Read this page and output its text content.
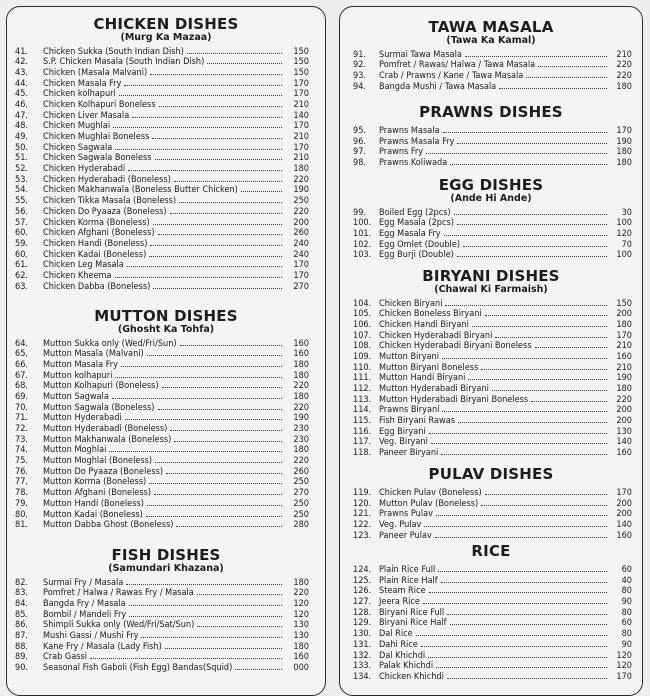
CHICKEN DISHES
(Murg Ka Mazaa)
41.	Chicken Sukka (South Indian Dish)	150
42.	S.P. Chicken Masala (South Indian Dish)	150
43.	Chicken (Masala Malvani)	150
44.	Chicken Masala Fry	170
45.	Chicken kolhapuri	170
46.	Chicken Kolhapuri Boneless	210
47.	Chicken Liver Masala	140
48.	Chicken Mughlai	170
49.	Chicken Mughlai Boneless	210
50.	Chicken Sagwala	170
51.	Chicken Sagwala Boneless	210
52.	Chicken Hyderabadi	180
53.	Chicken Hyderabadi (Boneless)	220
54.	Chicken Makhanwala (Boneless Butter Chicken)	190
55.	Chicken Tikka Masala (Boneless)	250
56.	Chicken Do Pyaaza (Boneless)	220
57.	Chicken Korma (Boneless)	200
60.	Chicken Afghani (Boneless)	260
59.	Chicken Handi (Boneless)	240
60.	Chicken Kadai (Boneless)	240
61.	Chicken Leg Masala	170
62.	Chicken Kheema	170
63.	Chicken Dabba (Boneless)	270
MUTTON DISHES
(Ghosht Ka Tohfa)
64.	Mutton Sukka only (Wed/Fri/Sun)	160
65.	Mutton Masala (Malvani)	160
66.	Mutton Masala Fry	180
67.	Mutton kolhapuri	180
68.	Mutton Kolhapuri (Boneless)	220
69.	Mutton Sagwala	180
70.	Mutton Sagwala (Boneless)	220
71.	Mutton Hyderabadi	190
72.	Mutton Hyderabadi (Boneless)	230
73.	Mutton Makhanwala (Boneless)	230
74.	Mutton Moghlai	180
75.	Mutton Moghlai (Boneless)	220
76.	Mutton Do Pyaaza (Boneless)	260
77.	Mutton Korma (Boneless)	250
78.	Mutton Afghani (Boneless)	270
79.	Mutton Handi (Boneless)	250
80.	Mutton Kadai (Boneless)	250
81.	Mutton Dabba Ghost (Boneless)	280
FISH DISHES
(Samundari Khazana)
82.	Surmai Fry / Masala	180
83.	Pomfret / Halwa / Rawas Fry / Masala	220
84.	Bangda Fry / Masala	120
85.	Bombil / Mandeli Fry	120
86.	Shimpli Sukka only (Wed/Fri/Sat/Sun)	130
87.	Mushi Gassi / Mushi Fry	130
88.	Kane Fry / Masala (Lady Fish)	180
89.	Crab Gassi	160
90.	Seasonal Fish Gaboli (Fish Egg) Bandas(Squid)	000
TAWA MASALA
(Tawa Ka Kamal)
91.	Surmai Tawa Masala	210
92.	Pomfret / Rawas/ Halwa / Tawa Masala	220
93.	Crab / Prawns / Kane / Tawa Masala	220
94.	Bangda Mushi / Tawa Masala	180
PRAWNS DISHES
95.	Prawns Masala	170
96.	Prawns Masala Fry	190
97.	Prawns Fry	180
98.	Prawns Koliwada	180
EGG DISHES
(Ande Hi Ande)
99.	Boiled Egg (2pcs)	30
100. Egg Masala (2pcs)	100
101. Egg Masala Fry	120
102. Egg Omlet (Double)	70
103. Egg Burji (Double)	100
BIRYANI DISHES
(Chawal Ki Farmaish)
104. Chicken Biryani	150
105. Chicken Boneless Biryani	200
106. Chicken Handi Biryani	180
107. Chicken Hyderabadi Biryani	170
108. Chicken Hyderabadi Biryani Boneless	210
109. Mutton Biryani	160
110. Mutton Biryani Boneless	210
111. Mutton Handi Biryani	190
112. Mutton Hyderabadi Biryani	180
113. Mutton Hyderabadi Biryani Boneless	220
114. Prawns Biryani	200
115. Fish Biryani Rawas	200
116. Egg Biryani	130
117. Veg. Biryani	140
118. Paneer Biryani	160
PULAV DISHES
119. Chicken Pulav (Boneless)	170
120. Mutton Pulav (Boneless)	200
121. Prawns Pulav	200
122. Veg. Pulav	140
123. Paneer Pulav	160
RICE
124. Plain Rice Full	60
125. Plain Rice Half	40
126. Steam Rice	80
127. Jeera Rice	90
128. Biryani Rice Full	80
129. Biryani Rice Half	60
130. Dal Rice	80
131. Dahi Rice	90
132. Dal Khichdi	120
133. Palak Khichdi	120
134. Chicken Khichdi	170
